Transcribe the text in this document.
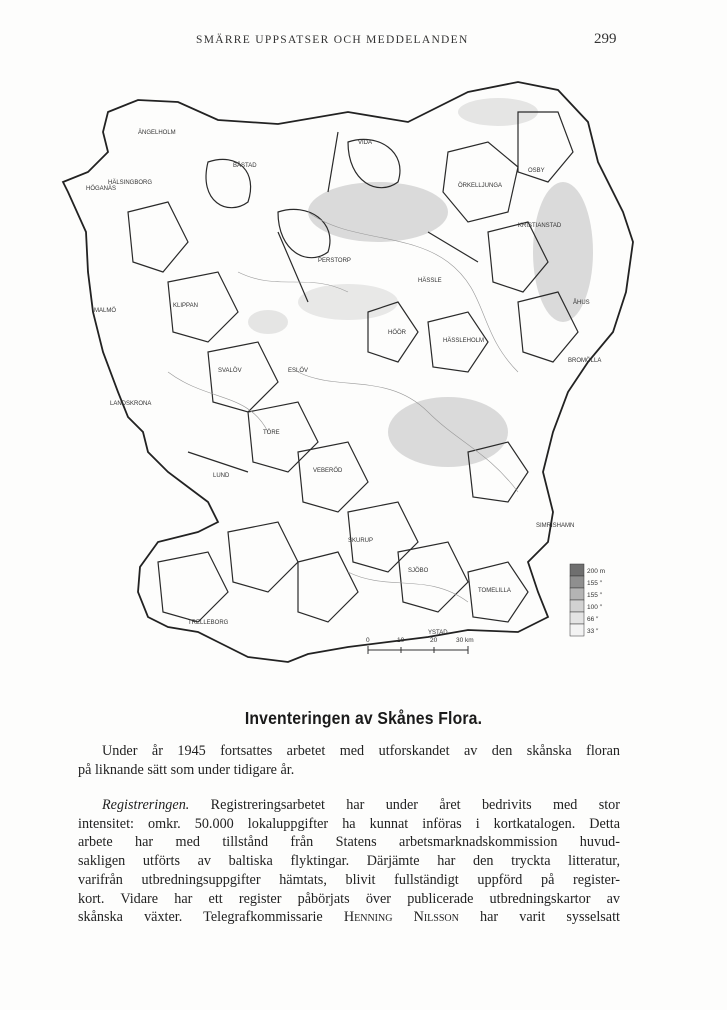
SMÄRRE UPPSATSER OCH MEDDELANDEN	299
HÄLSINGBORG
LANDSKRONA
LUND
VIDA
HÄSSLE
YSTAD
ÅHUS
KRISTIANSTAD
ÄNGELHOLM
HÖGANÄS
MALMÖ
TRELLEBORG
SIMRISHAMN
HÖÖR
ESLÖV
SKURUP
SJÖBO
TOMELILLA
HÄSSLEHOLM
OSBY
BROMÖLLA
KLIPPAN
PERSTORP
ÖRKELLJUNGA
SVALÖV
TÖRE
VEBERÖD
BÅSTAD
200 m
155 ″
155 ″
100 ″
66 ″
33 ″
0	10	20	30 km
Inventeringen av Skånes Flora.
Under år 1945 fortsattes arbetet med utforskandet av den skånska floran
på liknande sätt som under tidigare år.
Registreringen. Registreringsarbetet har under året bedrivits med stor
intensitet: omkr. 50.000 lokaluppgifter ha kunnat införas i kortkatalogen. Detta
arbete har med tillstånd från Statens arbetsmarknadskommission huvud-
sakligen utförts av baltiska flyktingar. Därjämte har den tryckta litteratur,
varifrån utbredningsuppgifter hämtats, blivit fullständigt uppförd på register-
kort. Vidare har ett register påbörjats över publicerade utbredningskartor av
skånska växter. Telegrafkommissarie Henning Nilsson har varit sysselsatt
